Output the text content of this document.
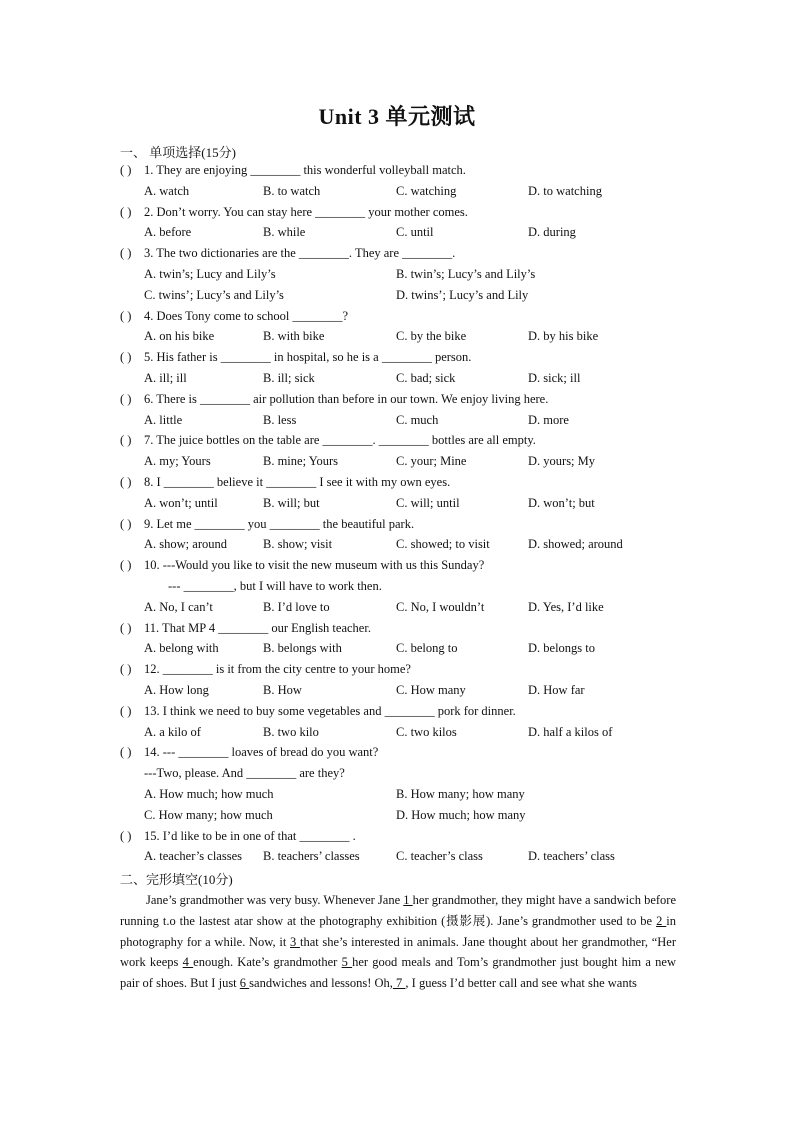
Unit 3 单元测试
一、 单项选择(15分)
( ) 1. They are enjoying ________ this wonderful volleyball match.
A. watch	B. to watch	C. watching	D. to watching
( ) 2. Don’t worry. You can stay here ________ your mother comes.
A. before	B. while	C. until	D. during
( ) 3. The two dictionaries are the ________. They are ________.
A. twin’s; Lucy and Lily’s	B. twin’s; Lucy’s and Lily’s
C. twins’; Lucy’s and Lily’s	D. twins’; Lucy’s and Lily
( ) 4. Does Tony come to school ________?
A. on his bike	B. with bike	C. by the bike	D. by his bike
( ) 5. His father is ________ in hospital, so he is a ________ person.
A. ill; ill	B. ill; sick	C. bad; sick	D. sick; ill
( ) 6. There is ________ air pollution than before in our town. We enjoy living here.
A. little	B. less	C. much	D. more
( ) 7. The juice bottles on the table are ________. ________ bottles are all empty.
A. my; Yours	B. mine; Yours	C. your; Mine	D. yours; My
( ) 8. I ________ believe it ________ I see it with my own eyes.
A. won’t; until	B. will; but	C. will; until	D. won’t; but
( ) 9. Let me ________ you ________ the beautiful park.
A. show; around	B. show; visit	C. showed; to visit	D. showed; around
( ) 10. ---Would you like to visit the new museum with us this Sunday?
--- ________, but I will have to work then.
A. No, I can’t	B. I’d love to	C. No, I wouldn’t	D. Yes, I’d like
( ) 11. That MP 4 ________ our English teacher.
A. belong with	B. belongs with	C. belong to	D. belongs to
( ) 12. ________ is it from the city centre to your home?
A. How long	B. How	C. How many	D. How far
( ) 13. I think we need to buy some vegetables and ________ pork for dinner.
A. a kilo of	B. two kilo	C. two kilos	D. half a kilos of
( ) 14. --- ________ loaves of bread do you want?
---Two, please. And ________ are they?
A. How much; how much	B. How many; how many
C. How many; how much	D. How much; how many
( ) 15. I’d like to be in one of that ________ .
A. teacher’s classes B. teachers’ classes	C. teacher’s class	D. teachers’ class
二、完形填空(10分)
Jane’s grandmother was very busy. Whenever Jane 1 her grandmother, they might have a sandwich before running t.o the lastest atar show at the photography exhibition (摄影展). Jane’s grandmother used to be 2 in photography for a while. Now, it 3 that she’s interested in animals. Jane thought about her grandmother, “Her work keeps 4 enough. Kate’s grandmother 5 her good meals and Tom’s grandmother just bought him a new pair of shoes. But I just 6 sandwiches and lessons! Oh, 7 , I guess I’d better call and see what she wants
